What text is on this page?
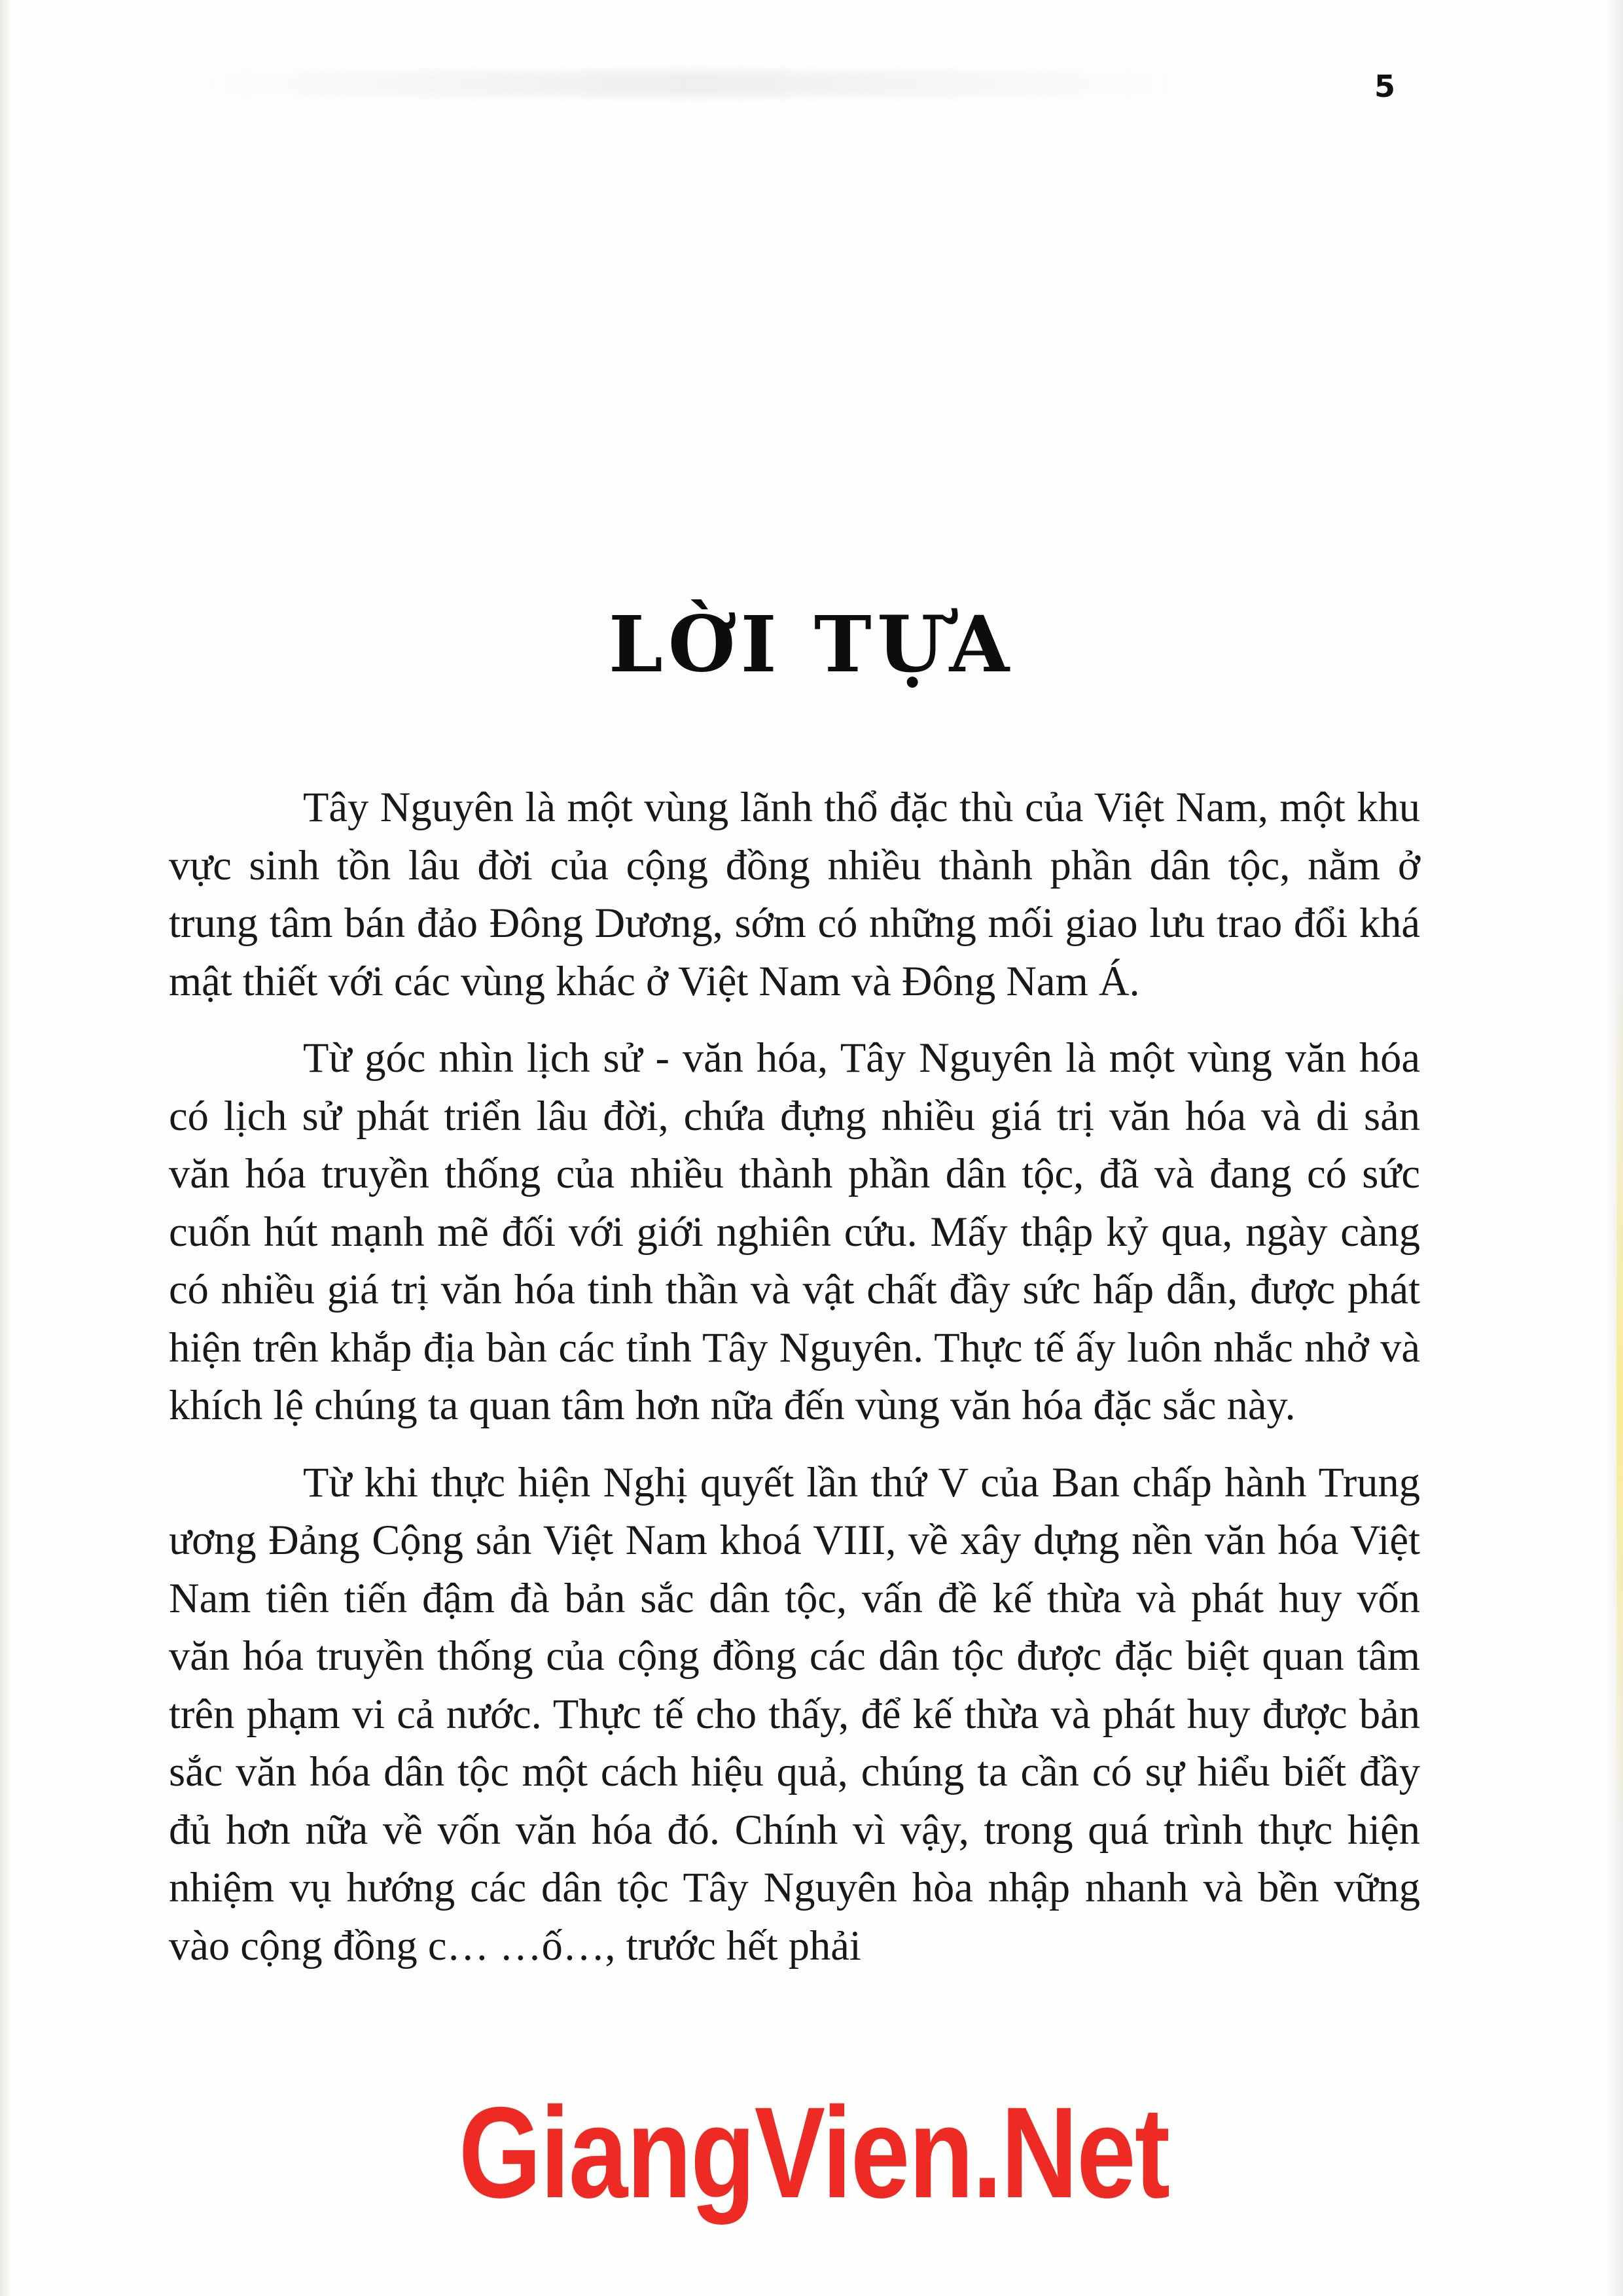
5
LỜI TỰA

Tây Nguyên là một vùng lãnh thổ đặc thù của Việt Nam, một khu vực sinh tồn lâu đời của cộng đồng nhiều thành phần dân tộc, nằm ở trung tâm bán đảo Đông Dương, sớm có những mối giao lưu trao đổi khá mật thiết với các vùng khác ở Việt Nam và Đông Nam Á.

Từ góc nhìn lịch sử - văn hóa, Tây Nguyên là một vùng văn hóa có lịch sử phát triển lâu đời, chứa đựng nhiều giá trị văn hóa và di sản văn hóa truyền thống của nhiều thành phần dân tộc, đã và đang có sức cuốn hút mạnh mẽ đối với giới nghiên cứu. Mấy thập kỷ qua, ngày càng có nhiều giá trị văn hóa tinh thần và vật chất đầy sức hấp dẫn, được phát hiện trên khắp địa bàn các tỉnh Tây Nguyên. Thực tế ấy luôn nhắc nhở và khích lệ chúng ta quan tâm hơn nữa đến vùng văn hóa đặc sắc này.

Từ khi thực hiện Nghị quyết lần thứ V của Ban chấp hành Trung ương Đảng Cộng sản Việt Nam khoá VIII, về xây dựng nền văn hóa Việt Nam tiên tiến đậm đà bản sắc dân tộc, vấn đề kế thừa và phát huy vốn văn hóa truyền thống của cộng đồng các dân tộc được đặc biệt quan tâm trên phạm vi cả nước. Thực tế cho thấy, để kế thừa và phát huy được bản sắc văn hóa dân tộc một cách hiệu quả, chúng ta cần có sự hiểu biết đầy đủ hơn nữa về vốn văn hóa đó. Chính vì vậy, trong quá trình thực hiện nhiệm vụ hướng các dân tộc Tây Nguyên hòa nhập nhanh và bền vững vào cộng đồng c… …ố…, trước hết phải

GiangVien.Net
